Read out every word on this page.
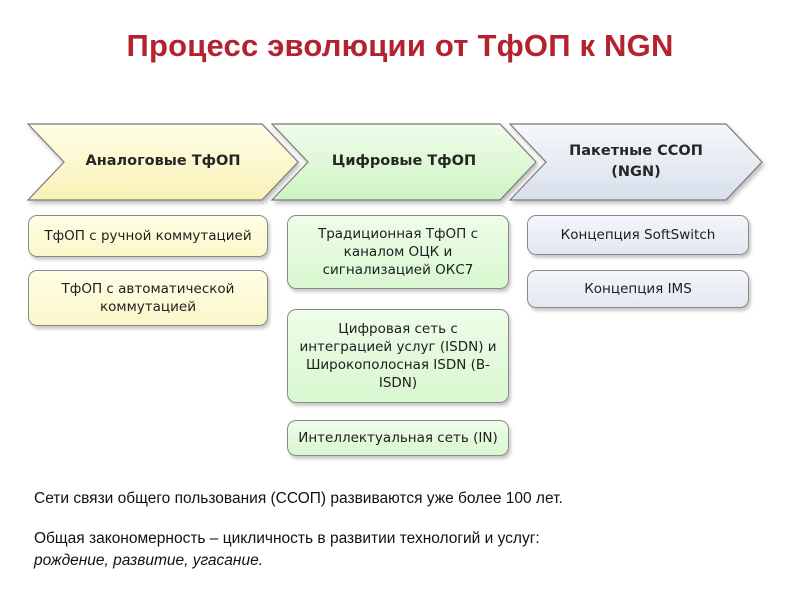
Процесс эволюции от ТфОП к NGN
Аналоговые ТфОП	Цифровые ТфОП
Пакетные ССОП (NGN)
ТфОП с ручной коммутацией
ТфОП с автоматической коммутацией
Традиционная ТфОП с каналом ОЦК и сигнализацией ОКС7
Цифровая сеть с интеграцией услуг (ISDN) и Широкополосная ISDN (B-ISDN)
Интеллектуальная сеть (IN)
Концепция SoftSwitch
Концепция IMS
Сети связи общего пользования (ССОП) развиваются уже более 100 лет.
Общая закономерность – цикличность в развитии технологий и услуг:
рождение, развитие, угасание.
